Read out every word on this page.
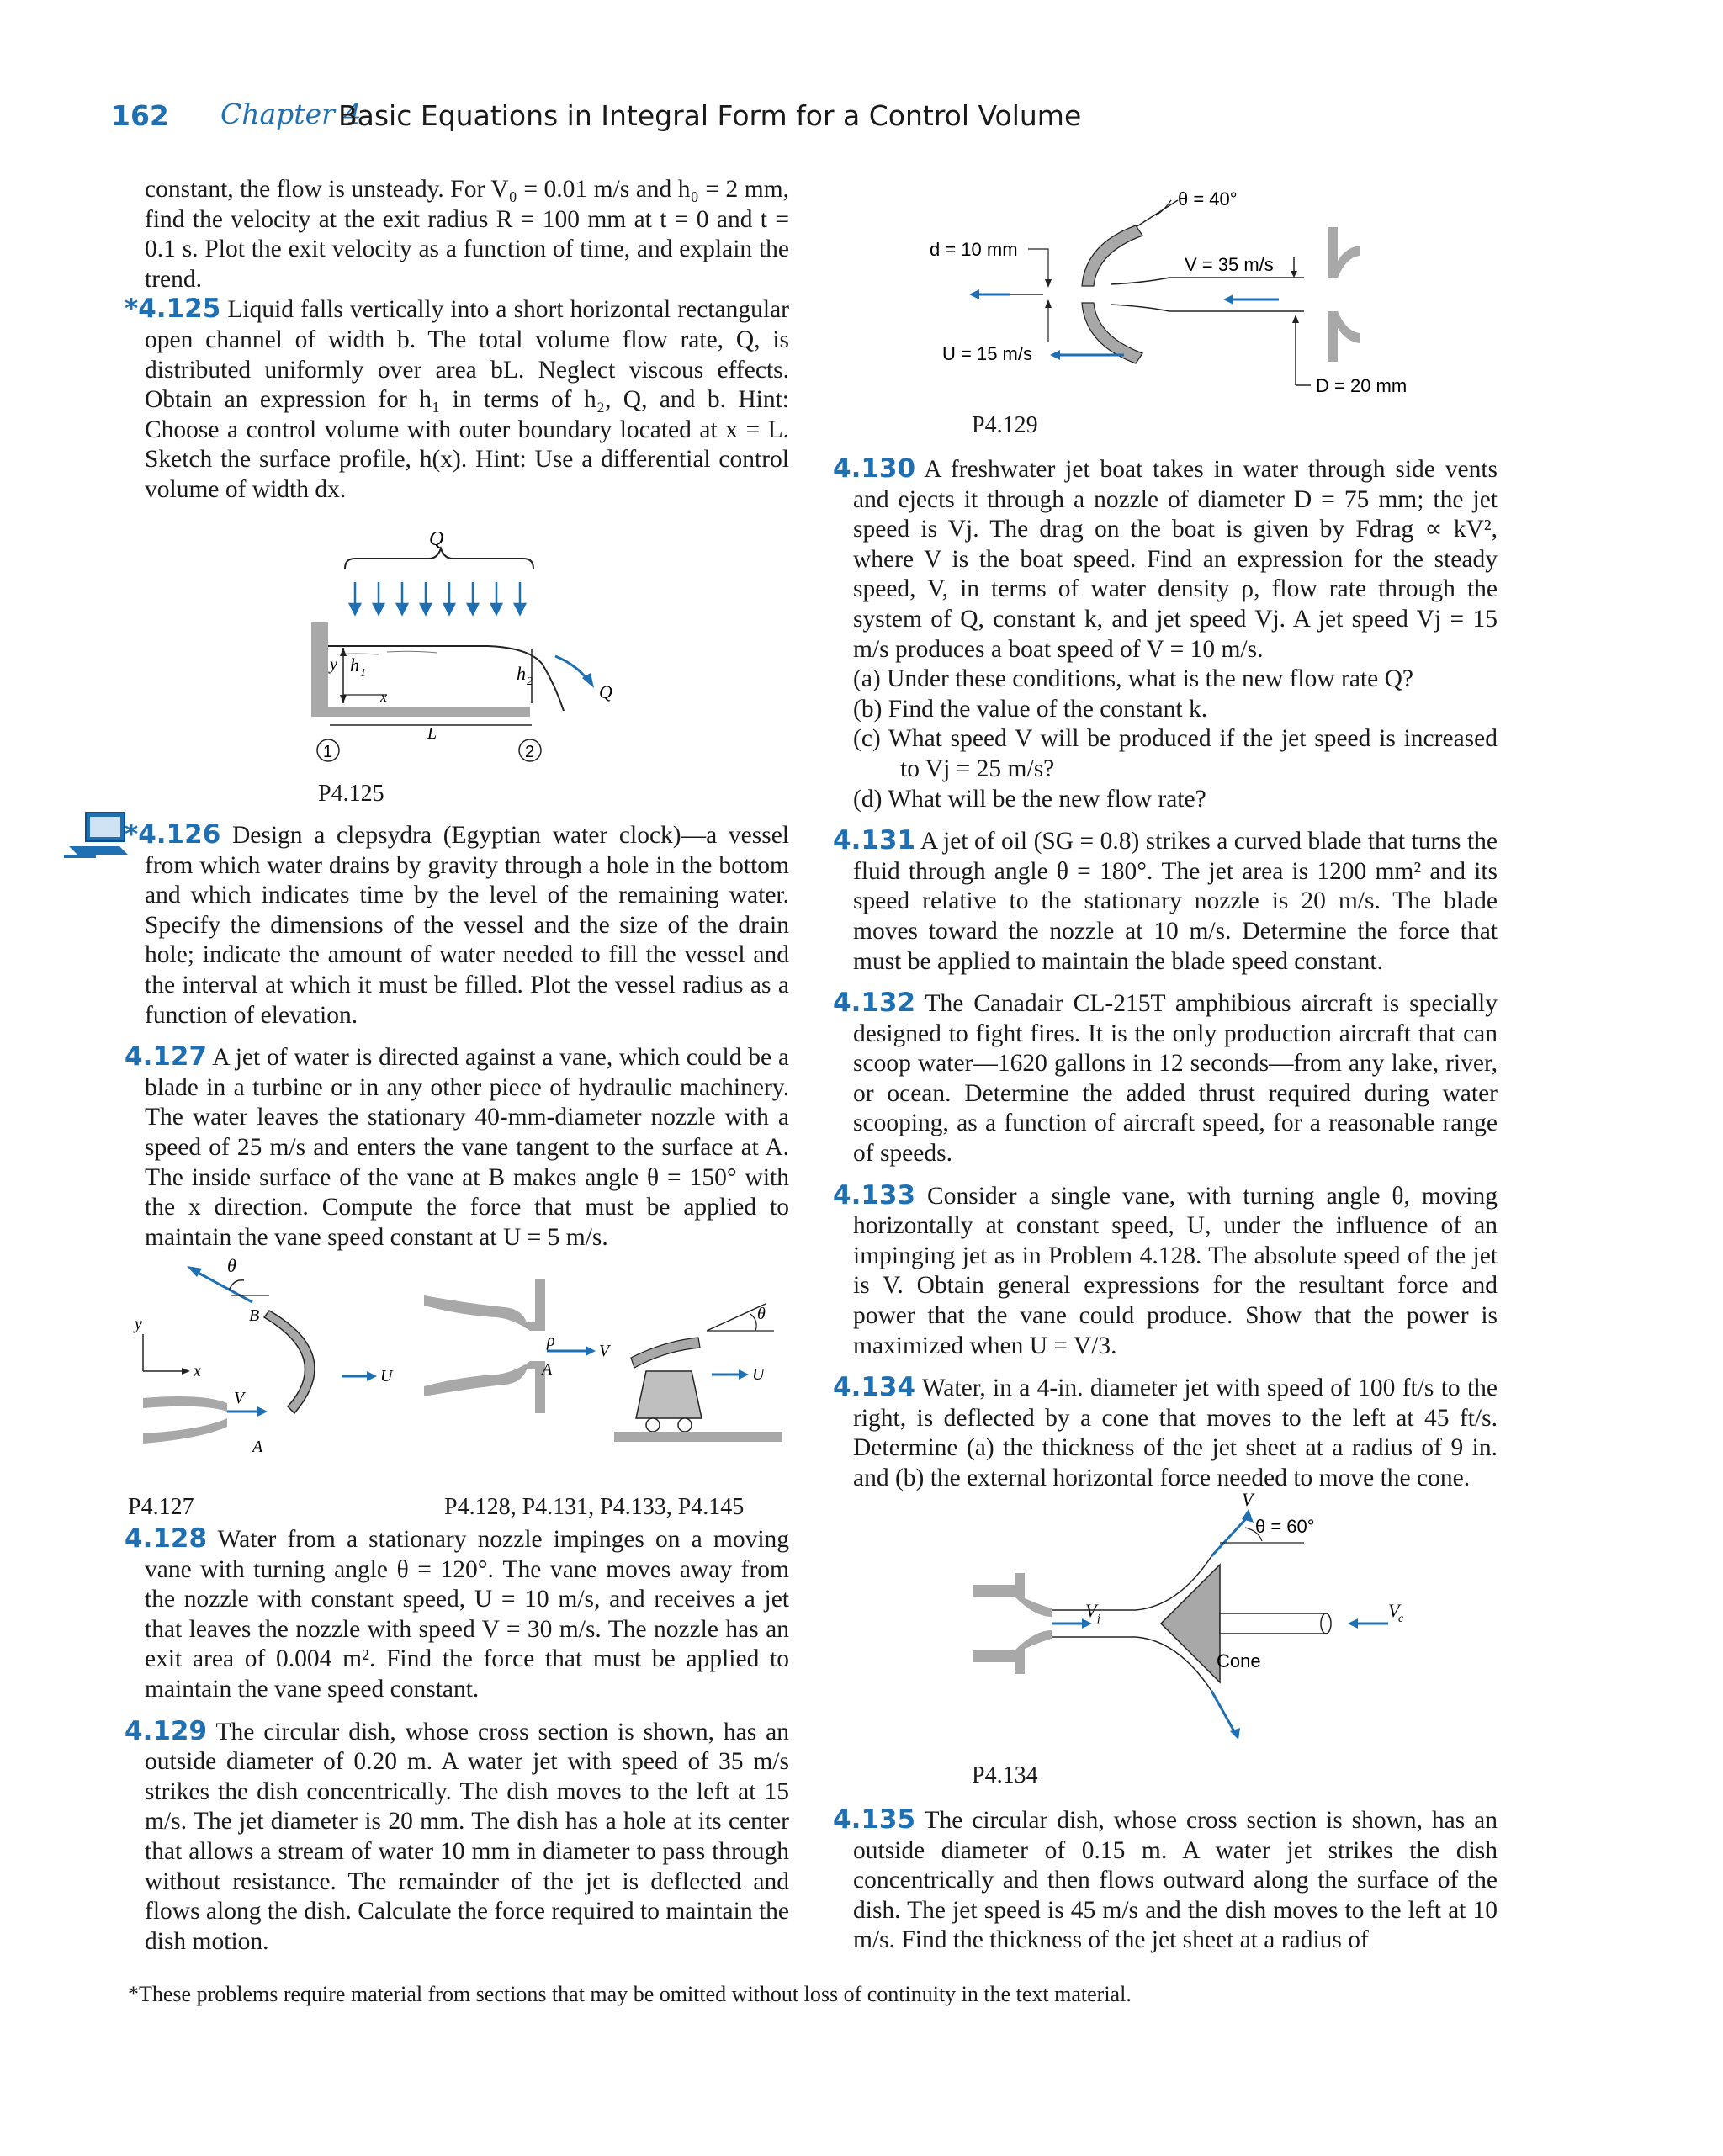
162 Chapter 4
Basic Equations in Integral Form for a Control Volume

constant, the flow is unsteady. For V₀ = 0.01 m/s and h₀ = 2 mm, find the velocity at the exit radius R = 100 mm at t = 0 and t = 0.1 s. Plot the exit velocity as a function of time, and explain the trend.

*4.125 Liquid falls vertically into a short horizontal rectangular open channel of width b. The total volume flow rate, Q, is distributed uniformly over area bL. Neglect viscous effects. Obtain an expression for h₁ in terms of h₂, Q, and b. Hint: Choose a control volume with outer boundary located at x = L. Sketch the surface profile, h(x). Hint: Use a differential control volume of width dx.

Q
y h 1	h 2
x
L
1	2
Q
P4.125

*4.126 Design a clepsydra (Egyptian water clock)—a vessel from which water drains by gravity through a hole in the bottom and which indicates time by the level of the remaining water. Specify the dimensions of the vessel and the size of the drain hole; indicate the amount of water needed to fill the vessel and the interval at which it must be filled. Plot the vessel radius as a function of elevation.

4.127 A jet of water is directed against a vane, which could be a blade in a turbine or in any other piece of hydraulic machinery. The water leaves the stationary 40-mm-diameter nozzle with a speed of 25 m/s and enters the vane tangent to the surface at A. The inside surface of the vane at B makes angle θ = 150° with the x direction. Compute the force that must be applied to maintain the vane speed constant at U = 5 m/s.

θ
B
y
x
V
A
U
P4.127
ρ
V
A
θ
U
P4.128, P4.131, P4.133, P4.145

4.128 Water from a stationary nozzle impinges on a moving vane with turning angle θ = 120°. The vane moves away from the nozzle with constant speed, U = 10 m/s, and receives a jet that leaves the nozzle with speed V = 30 m/s. The nozzle has an exit area of 0.004 m². Find the force that must be applied to maintain the vane speed constant.

4.129 The circular dish, whose cross section is shown, has an outside diameter of 0.20 m. A water jet with speed of 35 m/s strikes the dish concentrically. The dish moves to the left at 15 m/s. The jet diameter is 20 mm. The dish has a hole at its center that allows a stream of water 10 mm in diameter to pass through without resistance. The remainder of the jet is deflected and flows along the dish. Calculate the force required to maintain the dish motion.

θ = 40°
d = 10 mm
V = 35 m/s
D = 20 mm
U = 15 m/s
P4.129

4.130 A freshwater jet boat takes in water through side vents and ejects it through a nozzle of diameter D = 75 mm; the jet speed is Vj. The drag on the boat is given by Fdrag ∝ kV², where V is the boat speed. Find an expression for the steady speed, V, in terms of water density ρ, flow rate through the system of Q, constant k, and jet speed Vj. A jet speed Vj = 15 m/s produces a boat speed of V = 10 m/s.

(a) Under these conditions, what is the new flow rate Q?

(b) Find the value of the constant k.

(c) What speed V will be produced if the jet speed is increased to Vj = 25 m/s?

(d) What will be the new flow rate?

4.131 A jet of oil (SG = 0.8) strikes a curved blade that turns the fluid through angle θ = 180°. The jet area is 1200 mm² and its speed relative to the stationary nozzle is 20 m/s. The blade moves toward the nozzle at 10 m/s. Determine the force that must be applied to maintain the blade speed constant.

4.132 The Canadair CL-215T amphibious aircraft is specially designed to fight fires. It is the only production aircraft that can scoop water—1620 gallons in 12 seconds—from any lake, river, or ocean. Determine the added thrust required during water scooping, as a function of aircraft speed, for a reasonable range of speeds.

4.133 Consider a single vane, with turning angle θ, moving horizontally at constant speed, U, under the influence of an impinging jet as in Problem 4.128. The absolute speed of the jet is V. Obtain general expressions for the resultant force and power that the vane could produce. Show that the power is maximized when U = V/3.

4.134 Water, in a 4-in. diameter jet with speed of 100 ft/s to the right, is deflected by a cone that moves to the left at 45 ft/s. Determine (a) the thickness of the jet sheet at a radius of 9 in. and (b) the external horizontal force needed to move the cone.

V
θ = 60°
V j
Cone
V
c
P4.134

4.135 The circular dish, whose cross section is shown, has an outside diameter of 0.15 m. A water jet strikes the dish concentrically and then flows outward along the surface of the dish. The jet speed is 45 m/s and the dish moves to the left at 10 m/s. Find the thickness of the jet sheet at a radius of

*These problems require material from sections that may be omitted without loss of continuity in the text material.
